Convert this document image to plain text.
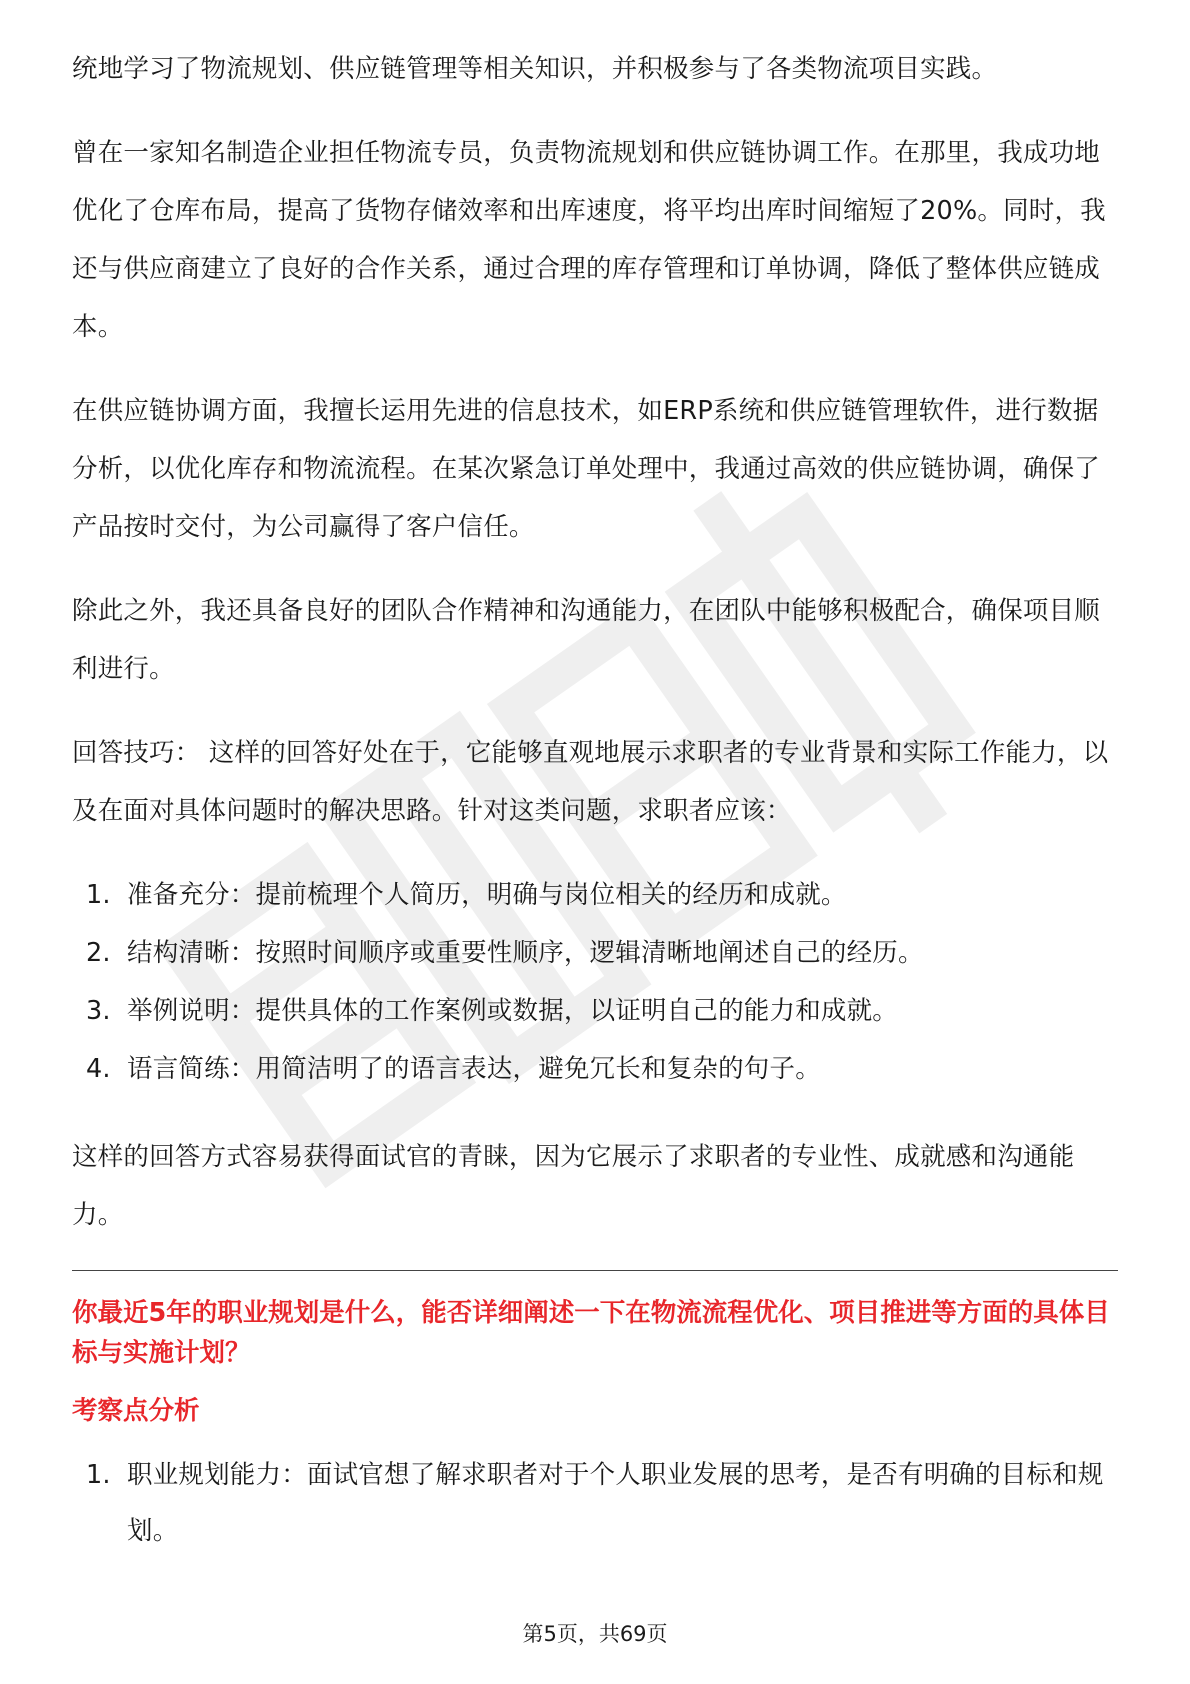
统地学习了物流规划、供应链管理等相关知识，并积极参与了各类物流项目实践。

曾在一家知名制造企业担任物流专员，负责物流规划和供应链协调工作。在那里，我成功地优化了仓库布局，提高了货物存储效率和出库速度，将平均出库时间缩短了20%。同时，我还与供应商建立了良好的合作关系，通过合理的库存管理和订单协调，降低了整体供应链成本。

在供应链协调方面，我擅长运用先进的信息技术，如ERP系统和供应链管理软件，进行数据分析，以优化库存和物流流程。在某次紧急订单处理中，我通过高效的供应链协调，确保了产品按时交付，为公司赢得了客户信任。

除此之外，我还具备良好的团队合作精神和沟通能力，在团队中能够积极配合，确保项目顺利进行。

回答技巧： 这样的回答好处在于，它能够直观地展示求职者的专业背景和实际工作能力，以及在面对具体问题时的解决思路。针对这类问题，求职者应该：

1. 准备充分：提前梳理个人简历，明确与岗位相关的经历和成就。
2. 结构清晰：按照时间顺序或重要性顺序，逻辑清晰地阐述自己的经历。
3. 举例说明：提供具体的工作案例或数据，以证明自己的能力和成就。
4. 语言简练：用简洁明了的语言表达，避免冗长和复杂的句子。

这样的回答方式容易获得面试官的青睐，因为它展示了求职者的专业性、成就感和沟通能力。

你最近5年的职业规划是什么，能否详细阐述一下在物流流程优化、项目推进等方面的具体目标与实施计划？
考察点分析
1. 职业规划能力：面试官想了解求职者对于个人职业发展的思考，是否有明确的目标和规划。
第5页，共69页
